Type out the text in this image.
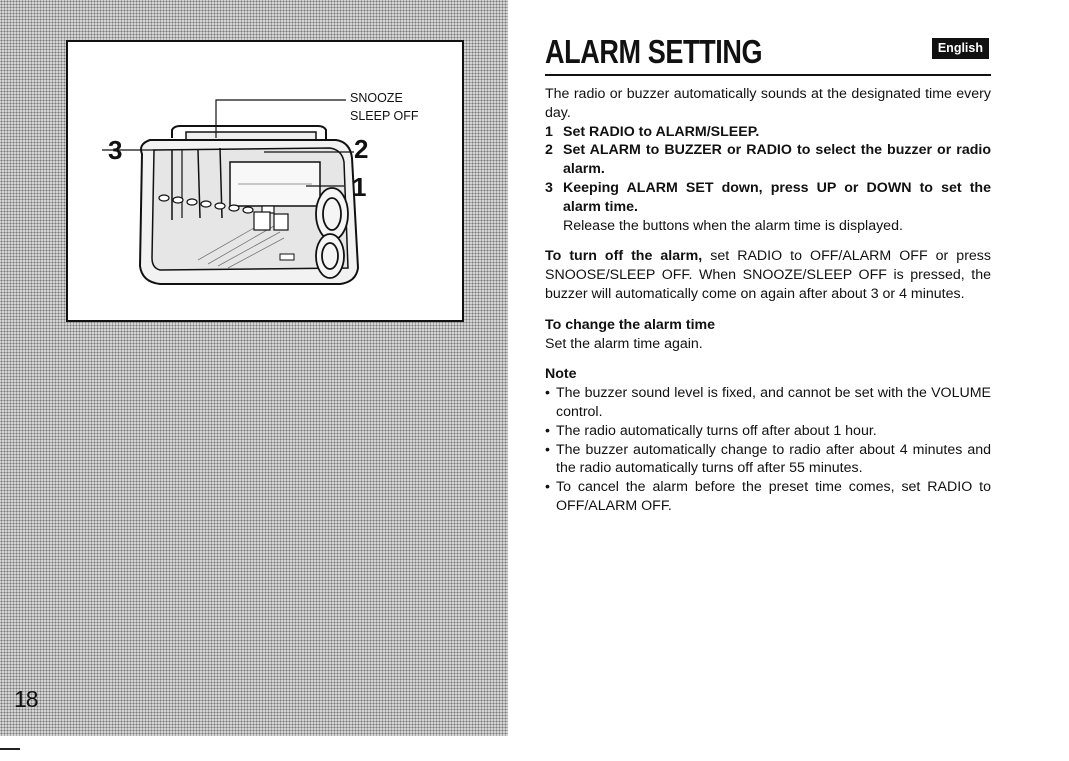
SNOOZE
SLEEP OFF
3	2
1
18
ALARM SETTING	English

The radio or buzzer automatically sounds at the designated time every day.

1 Set RADIO to ALARM/SLEEP.
2 Set ALARM to BUZZER or RADIO to select the buzzer or radio alarm.
3 Keeping ALARM SET down, press UP or DOWN to set the alarm time.

Release the buttons when the alarm time is displayed.

To turn off the alarm, set RADIO to OFF/ALARM OFF or press SNOOSE/SLEEP OFF. When SNOOZE/SLEEP OFF is pressed, the buzzer will automatically come on again after about 3 or 4 minutes.

To change the alarm time

Set the alarm time again.

Note

• The buzzer sound level is fixed, and cannot be set with the VOLUME control.
• The radio automatically turns off after about 1 hour.
• The buzzer automatically change to radio after about 4 minutes and the radio automatically turns off after 55 minutes.
• To cancel the alarm before the preset time comes, set RADIO to OFF/ALARM OFF.
